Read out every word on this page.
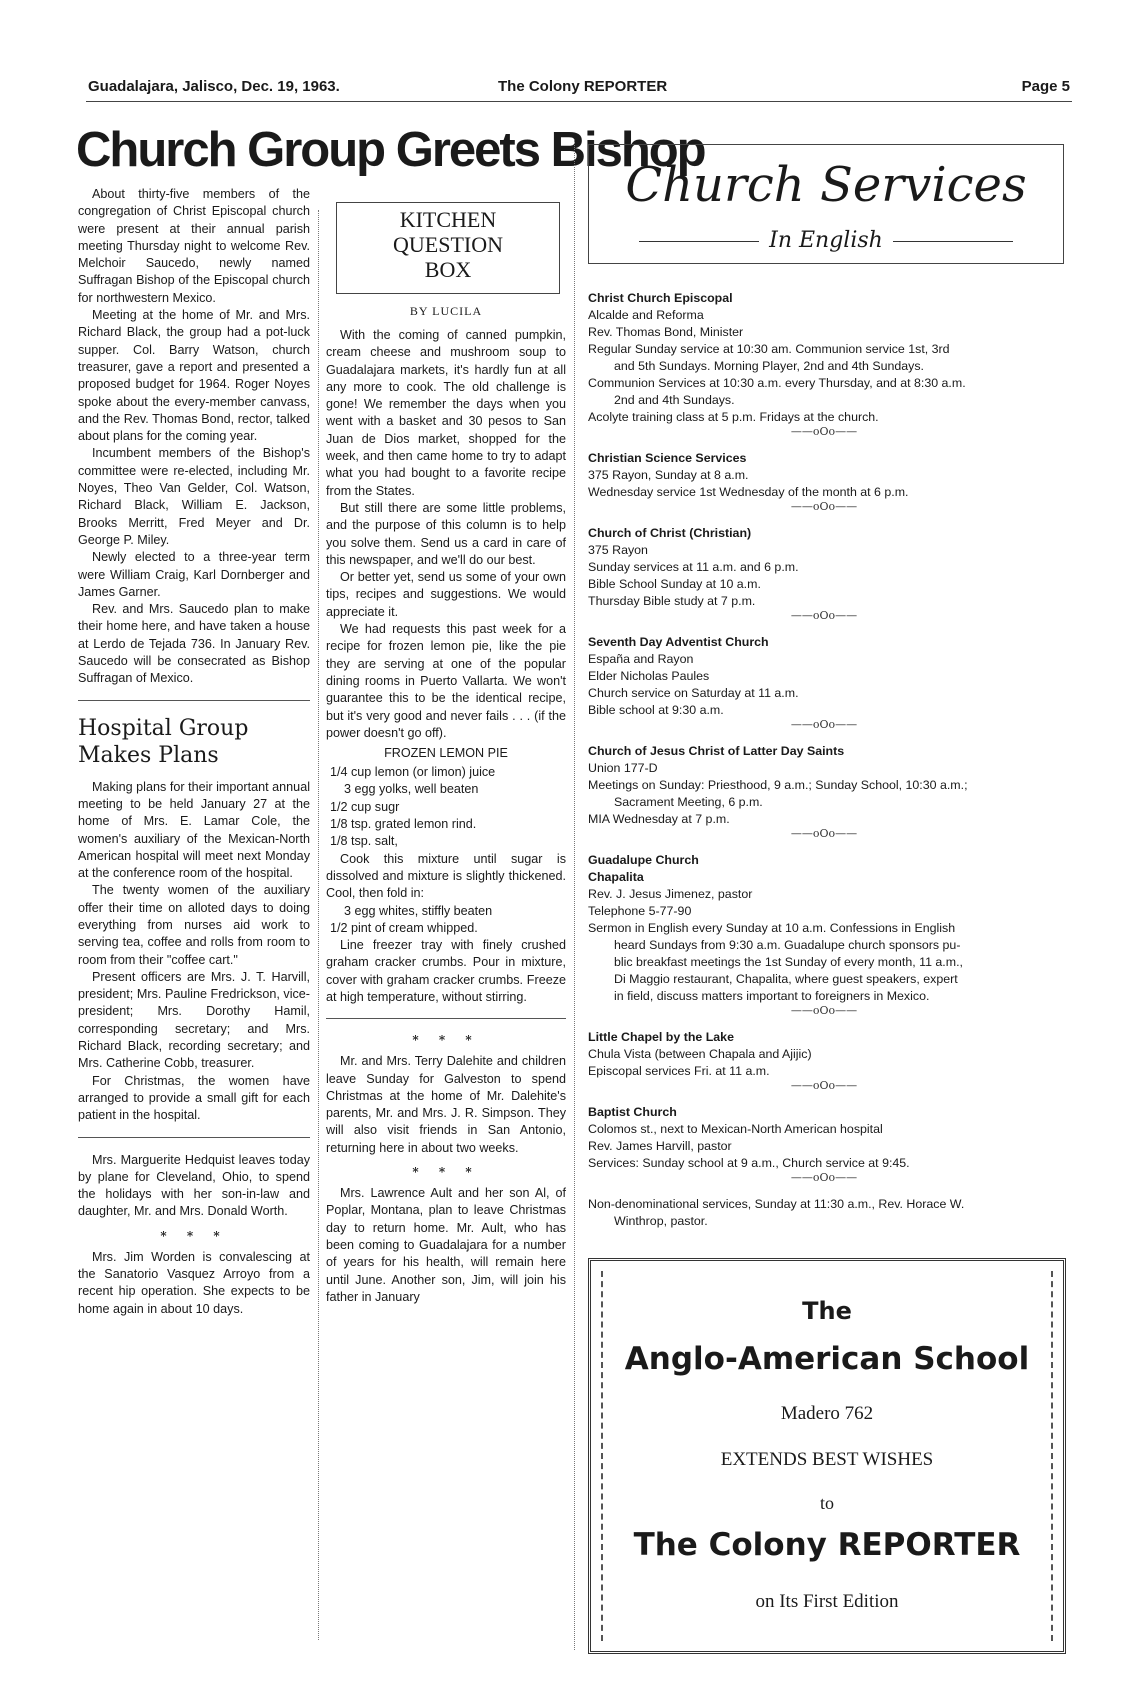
Guadalajara, Jalisco, Dec. 19, 1963.	The Colony REPORTER	Page 5
Church Group Greets Bishop

About thirty-five members of the congregation of Christ Episcopal church were present at their annual parish meeting Thursday night to welcome Rev. Melchoir Saucedo, newly named Suffragan Bishop of the Episcopal church for northwestern Mexico.

Meeting at the home of Mr. and Mrs. Richard Black, the group had a pot-luck supper. Col. Barry Watson, church treasurer, gave a report and presented a proposed budget for 1964. Roger Noyes spoke about the every-member canvass, and the Rev. Thomas Bond, rector, talked about plans for the coming year.

Incumbent members of the Bishop's committee were re-elected, including Mr. Noyes, Theo Van Gelder, Col. Watson, Richard Black, William E. Jackson, Brooks Merritt, Fred Meyer and Dr. George P. Miley.

Newly elected to a three-year term were William Craig, Karl Dornberger and James Garner.

Rev. and Mrs. Saucedo plan to make their home here, and have taken a house at Lerdo de Tejada 736. In January Rev. Saucedo will be consecrated as Bishop Suffragan of Mexico.

Hospital Group Makes Plans

Making plans for their important annual meeting to be held January 27 at the home of Mrs. E. Lamar Cole, the women's auxiliary of the Mexican-North American hospital will meet next Monday at the conference room of the hospital.

The twenty women of the auxiliary offer their time on alloted days to doing everything from nurses aid work to serving tea, coffee and rolls from room to room from their "coffee cart."

Present officers are Mrs. J. T. Harvill, president; Mrs. Pauline Fredrickson, vice-president; Mrs. Dorothy Hamil, corresponding secretary; and Mrs. Richard Black, recording secretary; and Mrs. Catherine Cobb, treasurer.

For Christmas, the women have arranged to provide a small gift for each patient in the hospital.

Mrs. Marguerite Hedquist leaves today by plane for Cleveland, Ohio, to spend the holidays with her son-in-law and daughter, Mr. and Mrs. Donald Worth.

* * *

Mrs. Jim Worden is convalescing at the Sanatorio Vasquez Arroyo from a recent hip operation. She expects to be home again in about 10 days.

KITCHEN
QUESTION
BOX
BY LUCILA

With the coming of canned pumpkin, cream cheese and mushroom soup to Guadalajara markets, it's hardly fun at all any more to cook. The old challenge is gone! We remember the days when you went with a basket and 30 pesos to San Juan de Dios market, shopped for the week, and then came home to try to adapt what you had bought to a favorite recipe from the States.

But still there are some little problems, and the purpose of this column is to help you solve them. Send us a card in care of this newspaper, and we'll do our best.

Or better yet, send us some of your own tips, recipes and suggestions. We would appreciate it.

We had requests this past week for a recipe for frozen lemon pie, like the pie they are serving at one of the popular dining rooms in Puerto Vallarta. We won't guarantee this to be the identical recipe, but it's very good and never fails . . . (if the power doesn't go off).

FROZEN LEMON PIE

1/4 cup lemon (or limon) juice

3 egg yolks, well beaten

1/2 cup sugr

1/8 tsp. grated lemon rind.

1/8 tsp. salt,

Cook this mixture until sugar is dissolved and mixture is slightly thickened. Cool, then fold in:

3 egg whites, stiffly beaten

1/2 pint of cream whipped.

Line freezer tray with finely crushed graham cracker crumbs. Pour in mixture, cover with graham cracker crumbs. Freeze at high temperature, without stirring.

* * *

Mr. and Mrs. Terry Dalehite and children leave Sunday for Galveston to spend Christmas at the home of Mr. Dalehite's parents, Mr. and Mrs. J. R. Simpson. They will also visit friends in San Antonio, returning here in about two weeks.

* * *

Mrs. Lawrence Ault and her son Al, of Poplar, Montana, plan to leave Christmas day to return home. Mr. Ault, who has been coming to Guadalajara for a number of years for his health, will remain here until June. Another son, Jim, will join his father in January

Church Services
In English
Christ Church Episcopal
Alcalde and Reforma
Rev. Thomas Bond, Minister
Regular Sunday service at 10:30 am. Communion service 1st, 3rd
and 5th Sundays. Morning Player, 2nd and 4th Sundays.
Communion Services at 10:30 a.m. every Thursday, and at 8:30 a.m.
2nd and 4th Sundays.
Acolyte training class at 5 p.m. Fridays at the church.
——oOo——
Christian Science Services
375 Rayon, Sunday at 8 a.m.
Wednesday service 1st Wednesday of the month at 6 p.m.
——oOo——
Church of Christ (Christian)
375 Rayon
Sunday services at 11 a.m. and 6 p.m.
Bible School Sunday at 10 a.m.
Thursday Bible study at 7 p.m.
——oOo——
Seventh Day Adventist Church
España and Rayon
Elder Nicholas Paules
Church service on Saturday at 11 a.m.
Bible school at 9:30 a.m.
——oOo——
Church of Jesus Christ of Latter Day Saints
Union 177-D
Meetings on Sunday: Priesthood, 9 a.m.; Sunday School, 10:30 a.m.;
Sacrament Meeting, 6 p.m.
MIA Wednesday at 7 p.m.
——oOo——
Guadalupe Church
Chapalita
Rev. J. Jesus Jimenez, pastor
Telephone 5-77-90
Sermon in English every Sunday at 10 a.m. Confessions in English
heard Sundays from 9:30 a.m. Guadalupe church sponsors pu-
blic breakfast meetings the 1st Sunday of every month, 11 a.m.,
Di Maggio restaurant, Chapalita, where guest speakers, expert
in field, discuss matters important to foreigners in Mexico.
——oOo——
Little Chapel by the Lake
Chula Vista (between Chapala and Ajijic)
Episcopal services Fri. at 11 a.m.
——oOo——
Baptist Church
Colomos st., next to Mexican-North American hospital
Rev. James Harvill, pastor
Services: Sunday school at 9 a.m., Church service at 9:45.
——oOo——
Non-denominational services, Sunday at 11:30 a.m., Rev. Horace W.
Winthrop, pastor.
The
Anglo-American School
Madero 762
EXTENDS BEST WISHES
to
The Colony REPORTER
on Its First Edition
